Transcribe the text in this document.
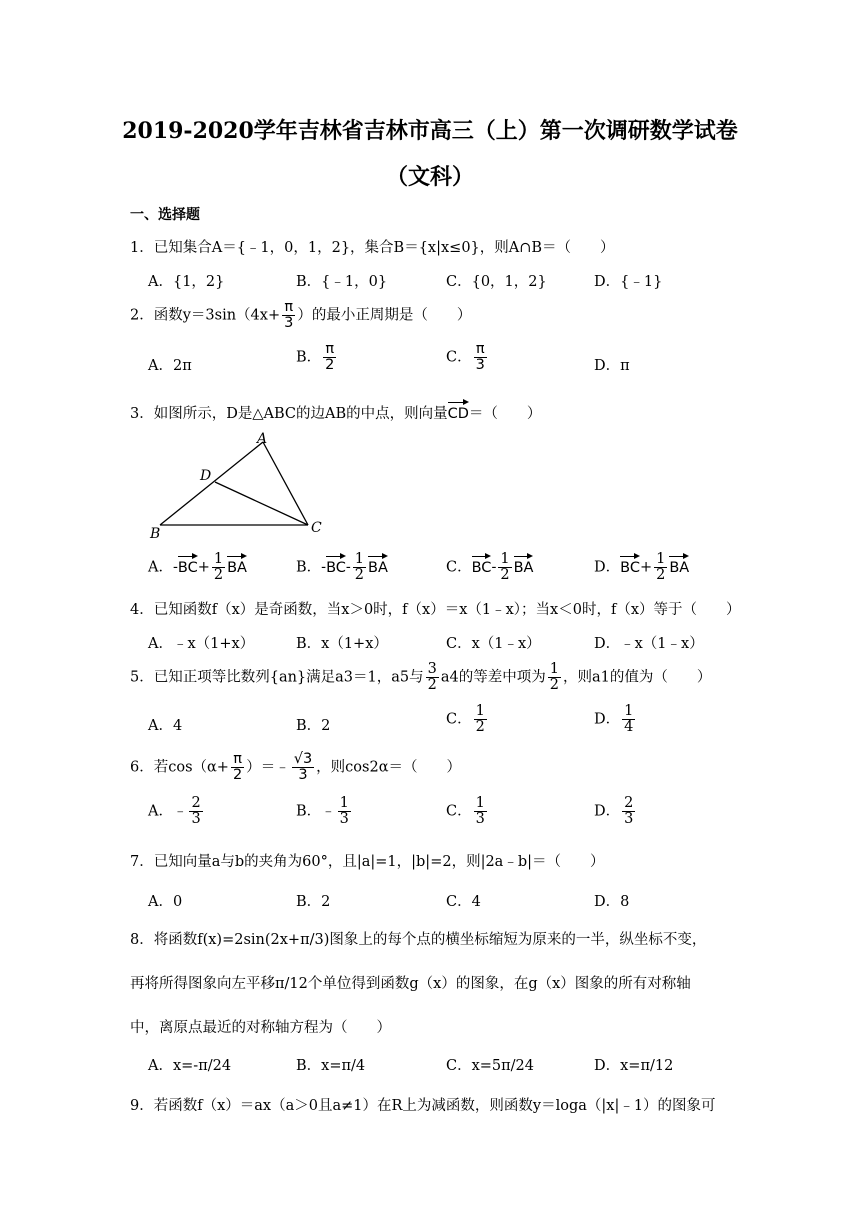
2019-2020学年吉林省吉林市高三（上）第一次调研数学试卷
（文科）
一、选择题
1．已知集合A＝{﹣1，0，1，2}，集合B＝{x|x≤0}，则A∩B＝（　　）
A．{1，2}	B．{﹣1，0}	C．{0，1，2}	D．{﹣1}
2．函数$y=3\sin(4x+ \frac{\pi}{3}$ ）的最小正周期是（　　）
A．2π
B． $\frac{\pi}{2}$	C． $\frac{\pi}{3}$	D．π
3．如图所示，D是△ABC的边AB的中点，则向量CD＝（　　）
A
D
B	C
A．$-BC+ \frac{1}{2}$ BA	B．$-BC- \frac{1}{2}$ BA	C．$BC- \frac{1}{2}$ BA	D．$BC+ \frac{1}{2}$ BA
4．已知函数f（x）是奇函数，当x＞0时，f（x）＝x（1﹣x）；当x＜0时，f（x）等于（　　）
A．﹣x（1+x）	B．x（1+x）	C．x（1﹣x）	D．﹣x（1﹣x）
5．已知正项等比数列{an}满足a3＝1，a5与 $\frac{3}{2} a4$的等差中项为 $\frac{1}{2}$ ，则a1的值为（　　）
A．4	B．2	C． $\frac{1}{2}$	D． $\frac{1}{4}$
6．若$\cos(\alpha+ \frac{\pi}{2}$ ）＝﹣ $\frac{√3}{3}$ ，则cos2α＝（　　）
A．﹣ $\frac{2}{3}$	B．﹣ $\frac{1}{3}$	C． $\frac{1}{3}$	D． $\frac{2}{3}$
7．已知向量a与b的夹角为60°，且|a|=1，|b|=2，则|2a﹣b|＝（　　）
A．0	B．2	C．4	D．8
8．将函数f(x)=2sin(2x+π/3)图象上的每个点的横坐标缩短为原来的一半，纵坐标不变，
再将所得图象向左平移π/12个单位得到函数g（x）的图象，在g（x）图象的所有对称轴
中，离原点最近的对称轴方程为（　　）
A．x=-π/24	B．x=π/4	C．x=5π/24	D．x=π/12
9．若函数f（x）＝ax（a＞0且a≠1）在R上为减函数，则函数y＝loga（|x|﹣1）的图象可
